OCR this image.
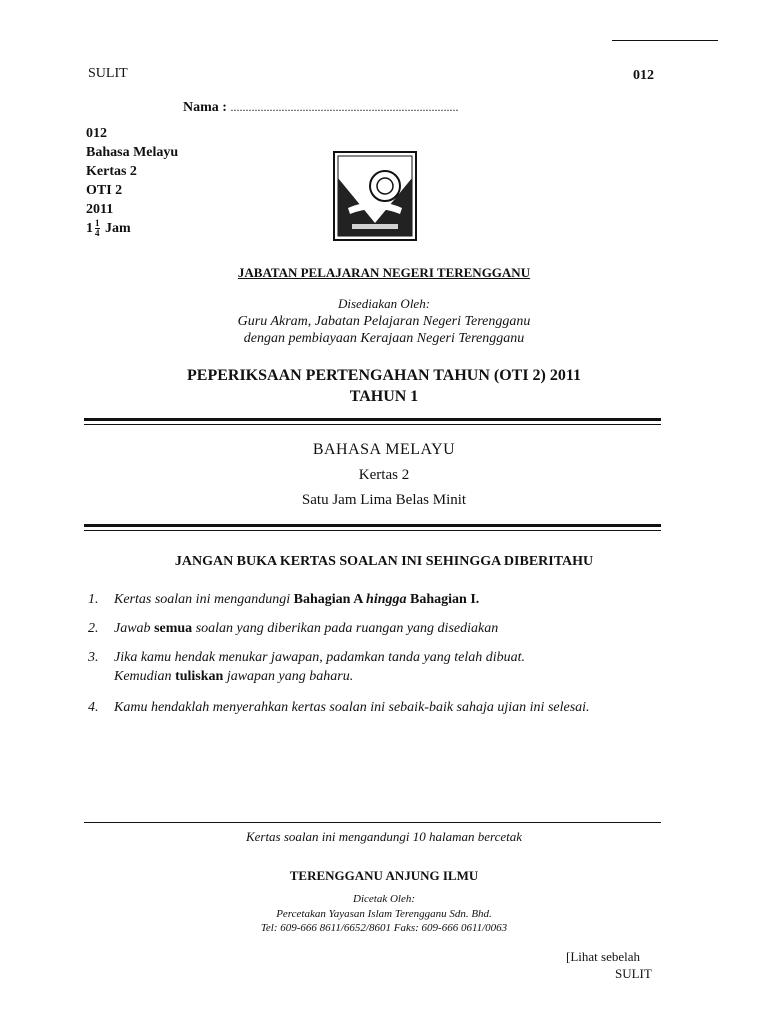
SULIT	012
Nama : ............................................................................
012
Bahasa Melayu
Kertas 2
OTI 2
2011
$1 \frac{1}{4}$ Jam
JABATAN PELAJARAN NEGERI TERENGGANU
Disediakan Oleh:
Guru Akram, Jabatan Pelajaran Negeri Terengganu
dengan pembiayaan Kerajaan Negeri Terengganu
PEPERIKSAAN PERTENGAHAN TAHUN (OTI 2) 2011
TAHUN 1
BAHASA MELAYU
Kertas 2
Satu Jam Lima Belas Minit
JANGAN BUKA KERTAS SOALAN INI SEHINGGA DIBERITAHU
1. Kertas soalan ini mengandungi Bahagian A hingga Bahagian I.
2. Jawab semua soalan yang diberikan pada ruangan yang disediakan
3. Jika kamu hendak menukar jawapan, padamkan tanda yang telah dibuat.
Kemudian tuliskan jawapan yang baharu.
4. Kamu hendaklah menyerahkan kertas soalan ini sebaik-baik sahaja ujian ini selesai.
Kertas soalan ini mengandungi 10 halaman bercetak
TERENGGANU ANJUNG ILMU
Dicetak Oleh:
Percetakan Yayasan Islam Terengganu Sdn. Bhd.
Tel: 609-666 8611/6652/8601 Faks: 609-666 0611/0063
[Lihat sebelah
SULIT
